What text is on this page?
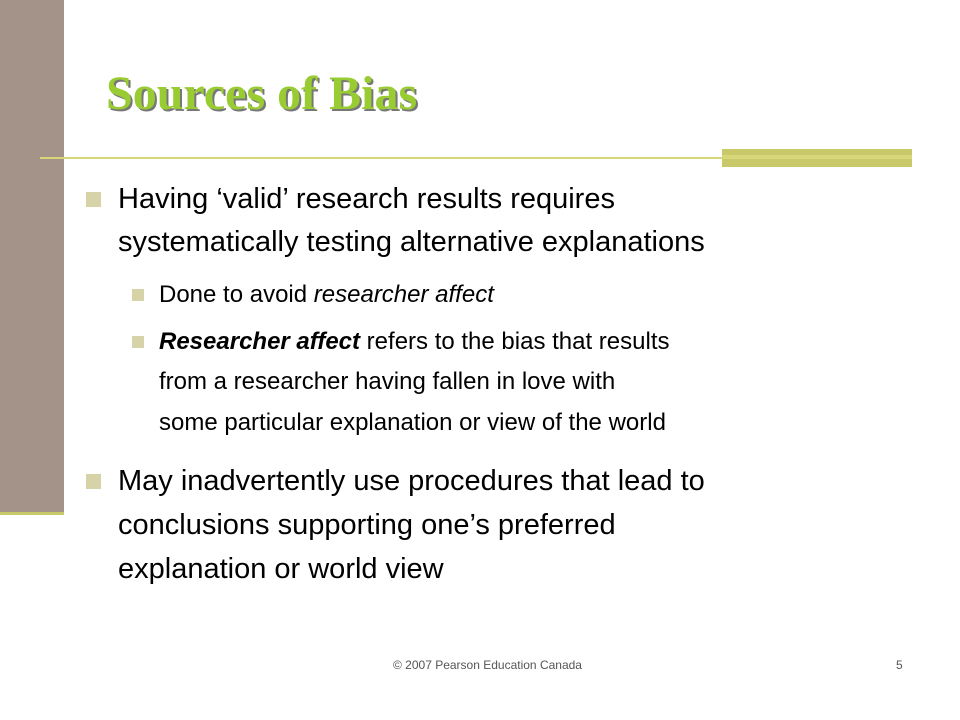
Sources of Bias

Having ‘valid’ research results requires

systematically testing alternative explanations

Done to avoid researcher affect

Researcher affect refers to the bias that results

from a researcher having fallen in love with

some particular explanation or view of the world

May inadvertently use procedures that lead to

conclusions supporting one’s preferred

explanation or world view

© 2007 Pearson Education Canada	5
